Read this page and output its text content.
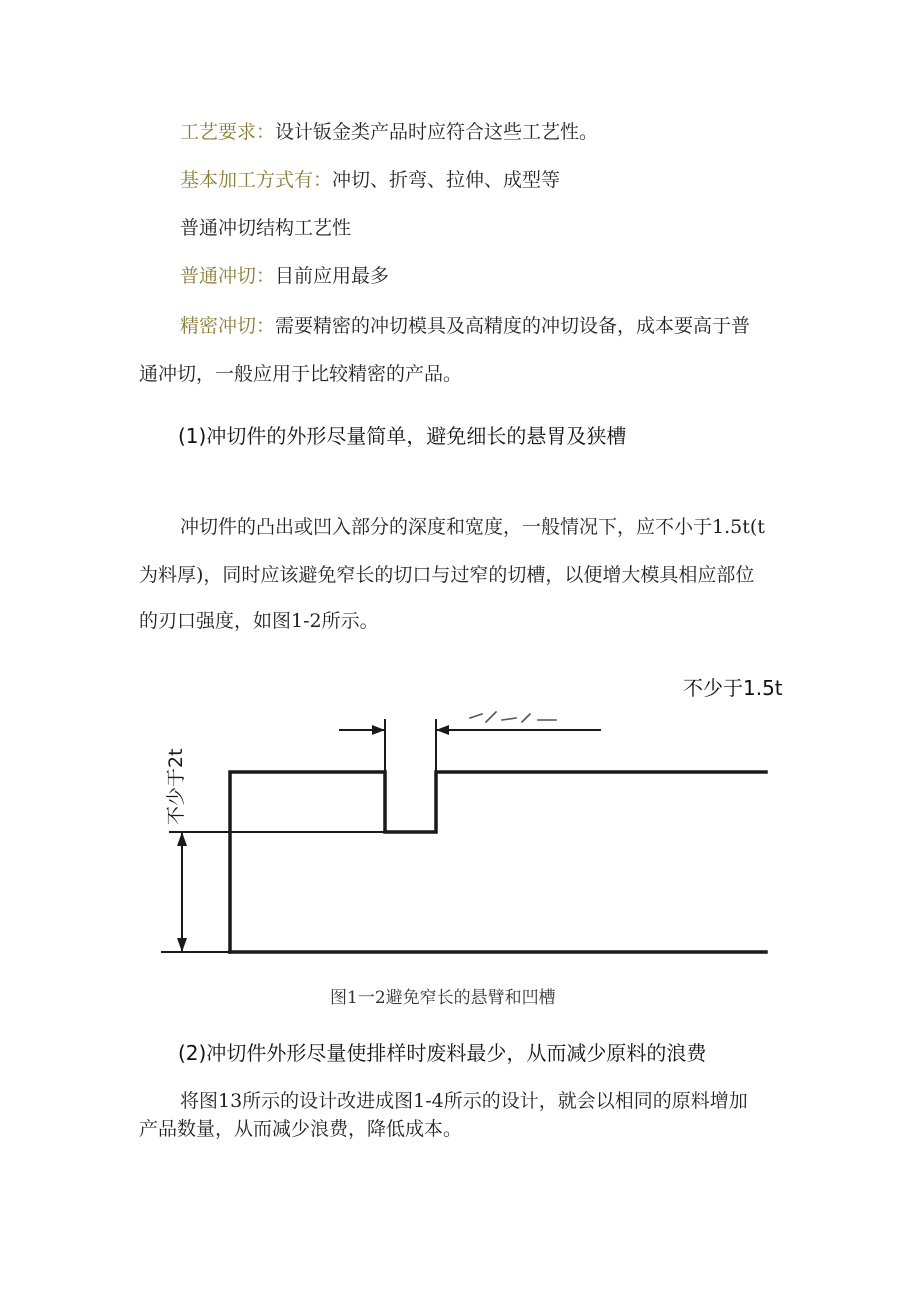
工艺要求：设计钣金类产品时应符合这些工艺性。
基本加工方式有：冲切、折弯、拉伸、成型等
普通冲切结构工艺性
普通冲切：目前应用最多
精密冲切：需要精密的冲切模具及高精度的冲切设备，成本要高于普
通冲切，一般应用于比较精密的产品。
(1)冲切件的外形尽量简单，避免细长的悬胃及狭槽
冲切件的凸出或凹入部分的深度和宽度，一般情况下，应不小于1.5t(t
为料厚)，同时应该避免窄长的切口与过窄的切槽，以便增大模具相应部位
的刃口强度，如图1-2所示。
不少于1.5t
不少于2t
图1一2避免窄长的悬臂和凹槽
(2)冲切件外形尽量使排样时废料最少，从而减少原料的浪费
将图13所示的设计改进成图1-4所示的设计，就会以相同的原料增加
产品数量，从而减少浪费，降低成本。
